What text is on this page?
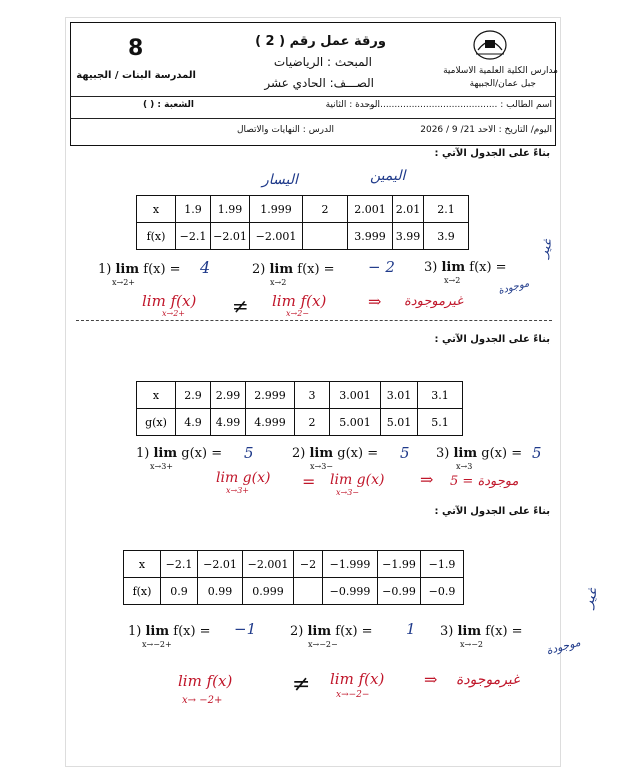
مدارس الكلية العلمية الاسلامية
جبل عمان/الجبيهة
ورقة عمل رقم ( 2 )
المبحث : الرياضيات
الصـــف: الحادي عشر
8
المدرسة البنات / الجبيهة
اسم الطالب : ..............................................
الوحدة : الثانية
الشعبة : ( )
اليوم/ التاريخ : الاحد 21/ 9 / 2026
الدرس : النهايات والاتصال
بناءً على الجدول الآتي :
اليمين
اليسار
x	1.9	1.99	1.999	2	2.001	2.01	2.1
f(x)	−2.1	−2.01	−2.001		3.999	3.99	3.9
1) lim f(x) =
x→2+
4	2) lim f(x) =
x→2
− 2 3) lim f(x) =
x→2
غير
موجودة
lim f(x)
x→2+ ≠ lim f(x)
x→2−
⇒ غيرموجودة
بناءً على الجدول الآتي :
x	2.9	2.99	2.999	3	3.001	3.01	3.1
g(x)	4.9	4.99	4.999	2	5.001	5.01	5.1
1) lim g(x) =
x→3+
5	2) lim g(x) =
x→3−
5 3) lim g(x) =
x→3
5
lim g(x)
x→3+	= lim g(x)
x→3−
⇒ موجودة = 5
بناءً على الجدول الآتي :
x	−2.1	−2.01	−2.001	−2	−1.999	−1.99	−1.9
f(x)	0.9	0.99	0.999		−0.999	−0.99	−0.9
1) lim f(x) =
x→−2+
−1	2) lim f(x) =
x→−2−
1 3) lim f(x) =
x→−2
غير
موجودة
lim f(x)
x→ −2+
≠ lim f(x)
x→−2−
⇒ غيرموجودة
